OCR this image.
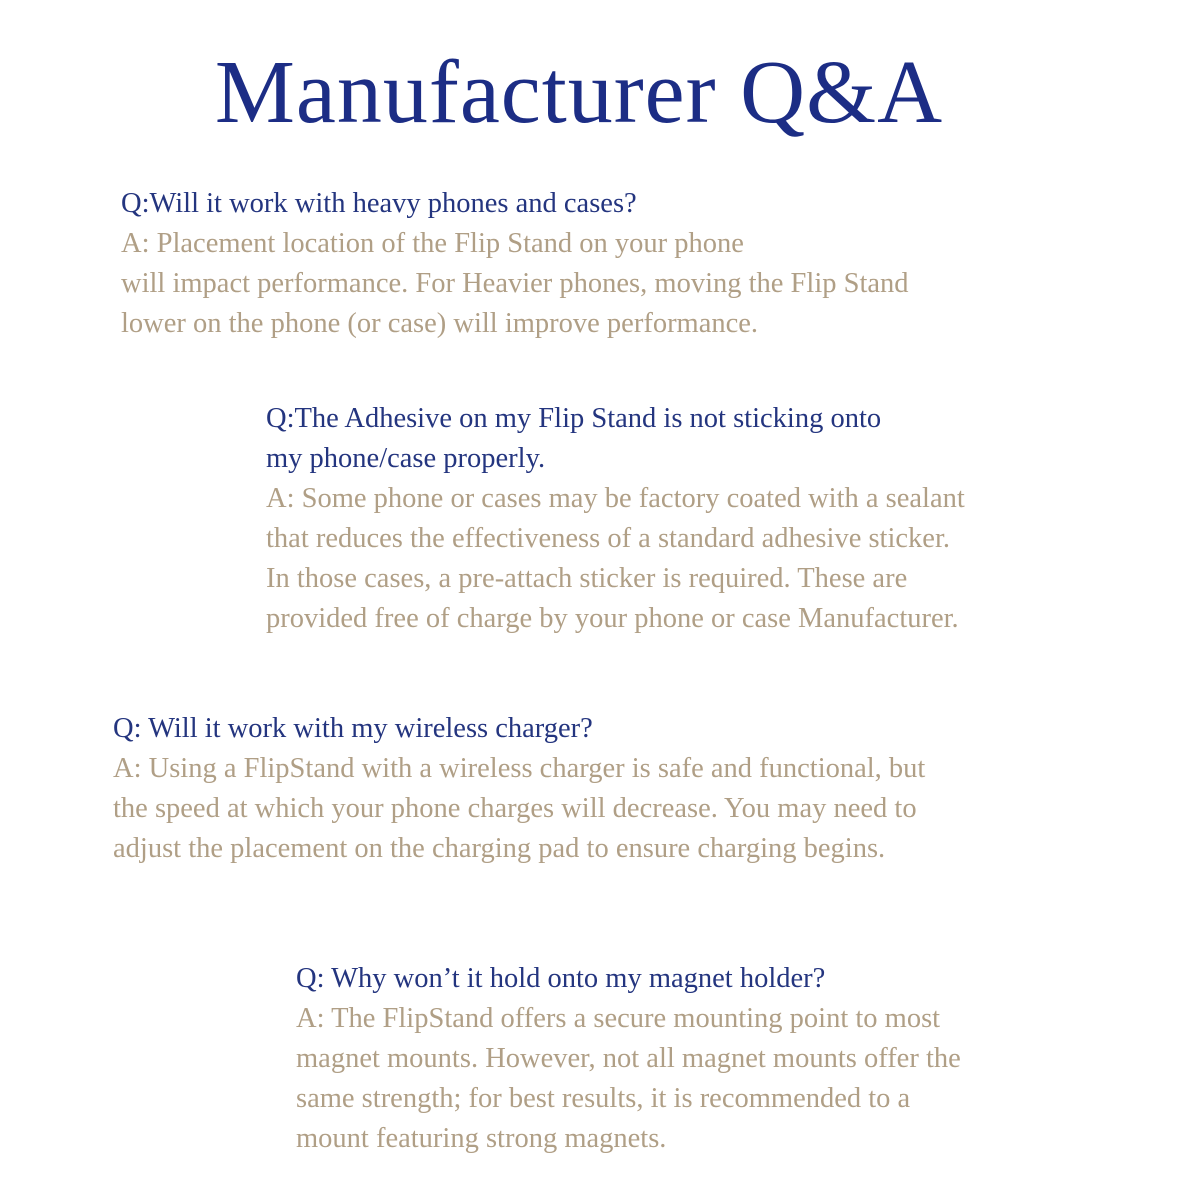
Manufacturer Q&A
Q:Will it work with heavy phones and cases?
A: Placement location of the Flip Stand on your phone
will impact performance. For Heavier phones, moving the Flip Stand
lower on the phone (or case) will improve performance.
Q:The Adhesive on my Flip Stand is not sticking onto
my phone/case properly.
A: Some phone or cases may be factory coated with a sealant
that reduces the effectiveness of a standard adhesive sticker.
In those cases, a pre-attach sticker is required. These are
provided free of charge by your phone or case Manufacturer.
Q: Will it work with my wireless charger?
A: Using a FlipStand with a wireless charger is safe and functional, but
the speed at which your phone charges will decrease. You may need to
adjust the placement on the charging pad to ensure charging begins.
Q: Why won’t it hold onto my magnet holder?
A: The FlipStand offers a secure mounting point to most
magnet mounts. However, not all magnet mounts offer the
same strength; for best results, it is recommended to a
mount featuring strong magnets.
